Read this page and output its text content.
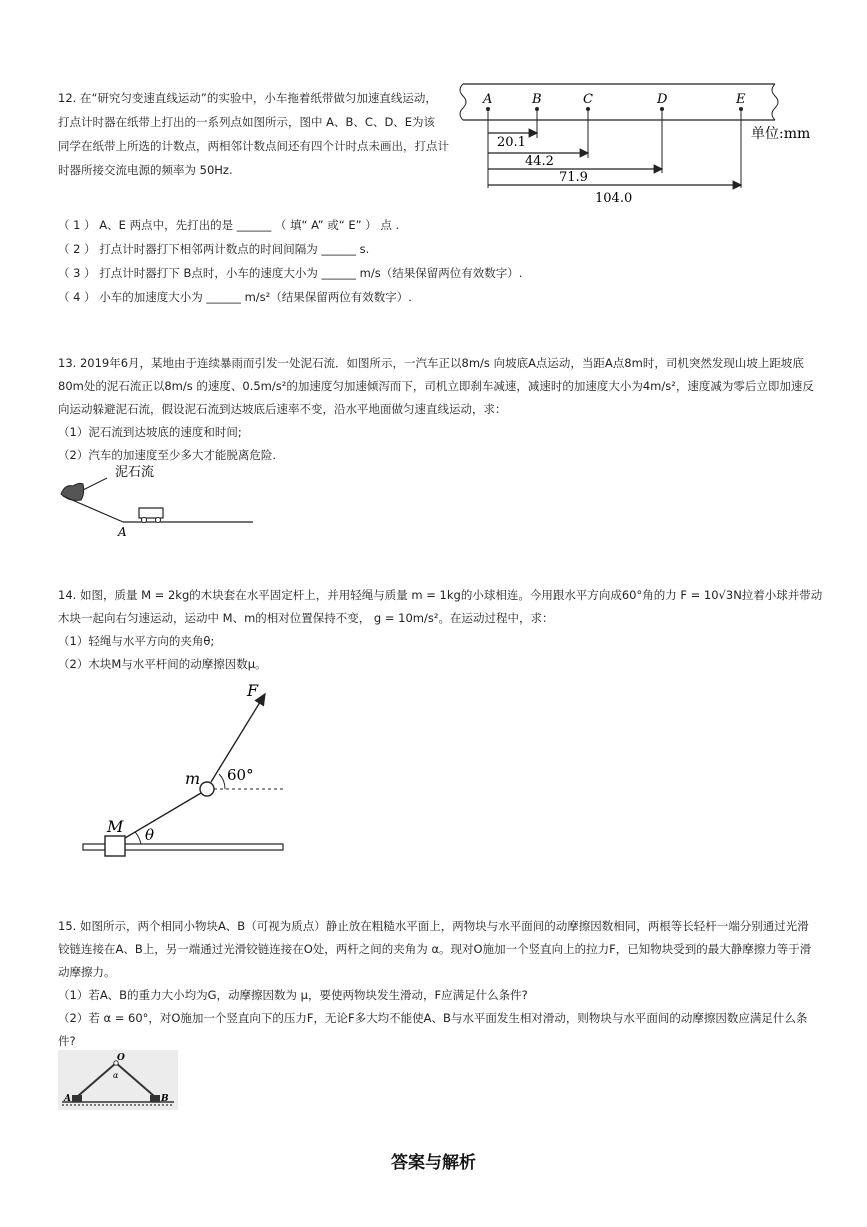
12. 在“研究匀变速直线运动”的实验中，小车拖着纸带做匀加速直线运动，
打点计时器在纸带上打出的一系列点如图所示，图中 A、B、C、D、E为该
同学在纸带上所选的计数点，两相邻计数点间还有四个计时点未画出，打点计
时器所接交流电源的频率为 50Hz.
（ 1 ） A、E 两点中，先打出的是 ______ （ 填“ A” 或“ E” ） 点 .
（ 2 ） 打点计时器打下相邻两计数点的时间间隔为 ______ s.
（ 3 ） 打点计时器打下 B点时，小车的速度大小为 ______ m/s（结果保留两位有效数字）.
（ 4 ） 小车的加速度大小为 ______ m/s²（结果保留两位有效数字）.
A	B	C	D	E
20.1
44.2
71.9
104.0
单位:mm
13. 2019年6月，某地由于连续暴雨而引发一处泥石流．如图所示，一汽车正以8m/s 向坡底A点运动，当距A点8m时，司机突然发现山坡上距坡底
80m处的泥石流正以8m/s 的速度、0.5m/s²的加速度匀加速倾泻而下，司机立即刹车减速，减速时的加速度大小为4m/s²，速度减为零后立即加速反
向运动躲避泥石流，假设泥石流到达坡底后速率不变，沿水平地面做匀速直线运动，求：
（1）泥石流到达坡底的速度和时间;
（2）汽车的加速度至少多大才能脱离危险.
泥石流
A
14. 如图，质量 M = 2kg的木块套在水平固定杆上，并用轻绳与质量 m = 1kg的小球相连。今用跟水平方向成60°角的力 F = 10√3N拉着小球并带动
木块一起向右匀速运动，运动中 M、m的相对位置保持不变， g = 10m/s²。在运动过程中，求：
（1）轻绳与水平方向的夹角θ;
（2）木块M与水平杆间的动摩擦因数μ。
M θ
m
F
60°
15. 如图所示，两个相同小物块A、B（可视为质点）静止放在粗糙水平面上，两物块与水平面间的动摩擦因数相同，两根等长轻杆一端分别通过光滑
铰链连接在A、B上，另一端通过光滑铰链连接在O处，两杆之间的夹角为 α。现对O施加一个竖直向上的拉力F，已知物块受到的最大静摩擦力等于滑
动摩擦力。
（1）若A、B的重力大小均为G，动摩擦因数为 μ，要使两物块发生滑动，F应满足什么条件?
（2）若 α = 60°，对O施加一个竖直向下的压力F，无论F多大均不能使A、B与水平面发生相对滑动，则物块与水平面间的动摩擦因数应满足什么条
件?
O
α
A	B
答案与解析
